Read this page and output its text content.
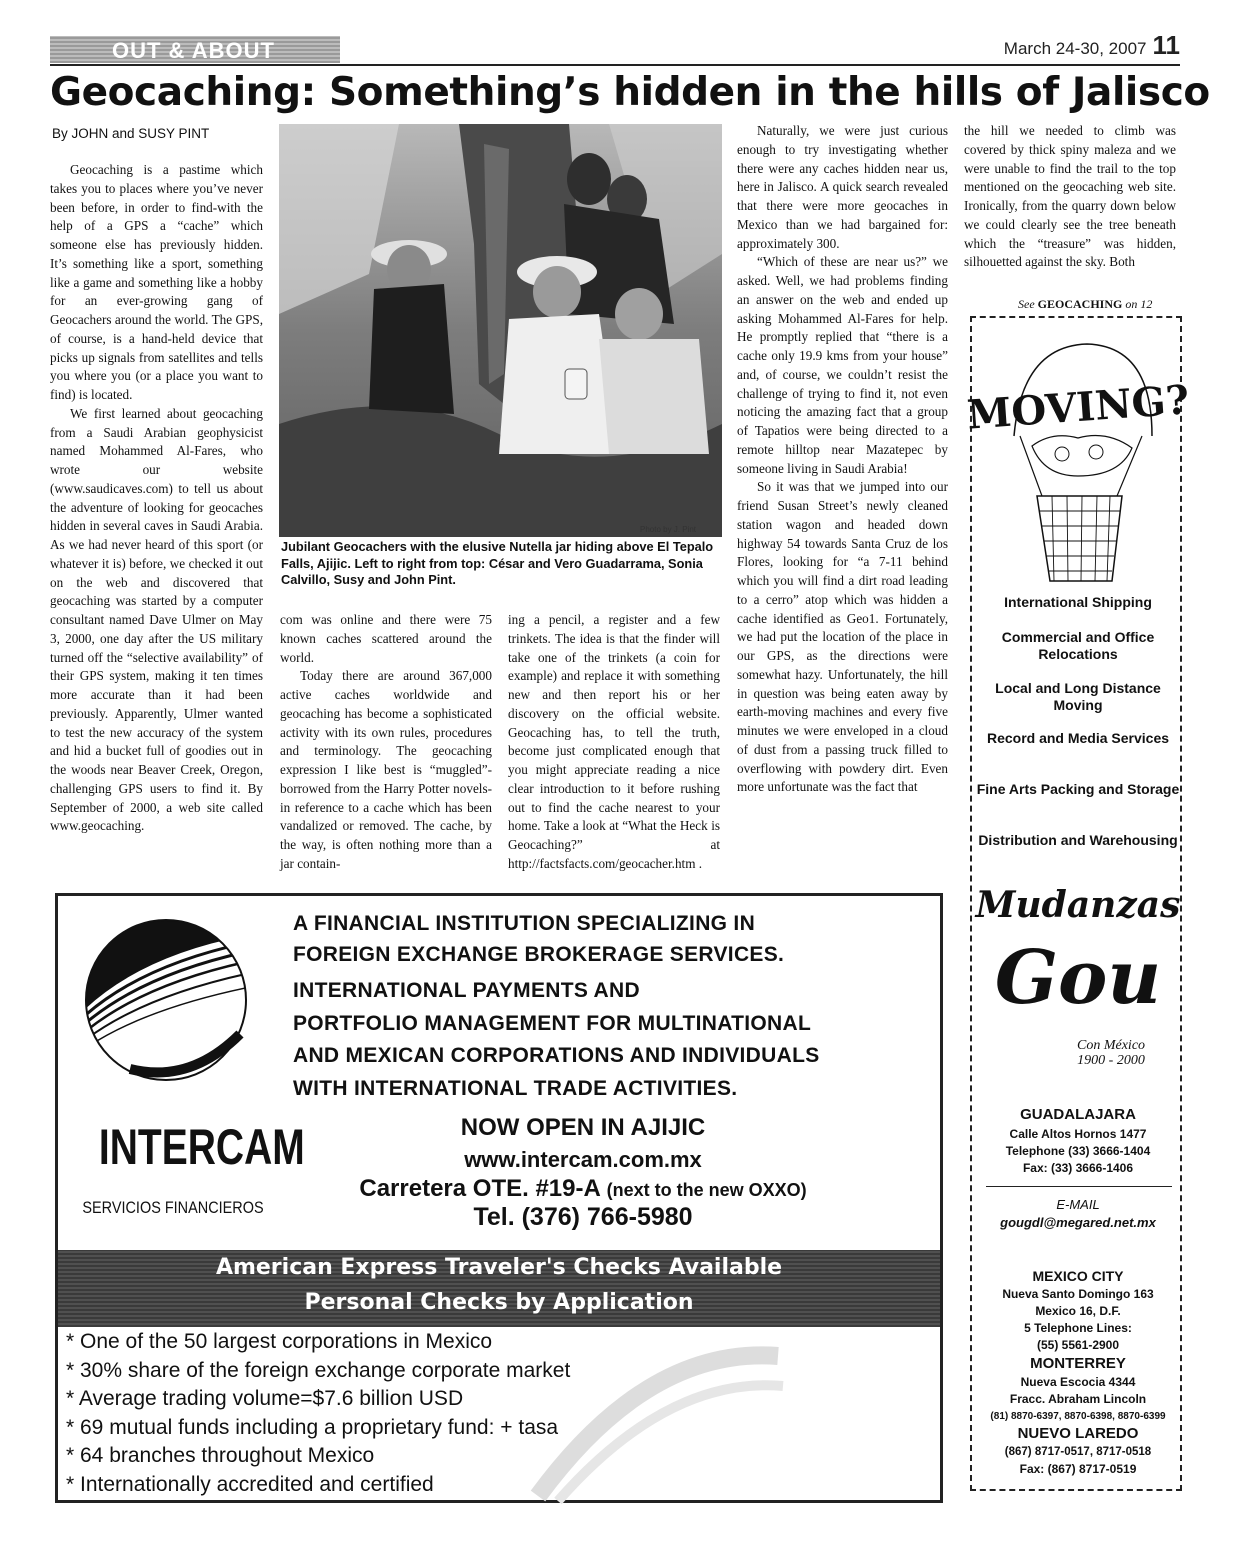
OUT & ABOUT	March 24-30, 2007 11
Geocaching: Something’s hidden in the hills of Jalisco
By JOHN and SUSY PINT

Geocaching is a pastime which takes you to places where you’ve never been before, in order to find-with the help of a GPS a “cache” which someone else has previously hidden. It’s something like a sport, something like a game and something like a hobby for an ever-growing gang of Geocachers around the world. The GPS, of course, is a hand-held device that picks up signals from satellites and tells you where you (or a place you want to find) is located.

We first learned about geocaching from a Saudi Arabian geophysicist named Mohammed Al-Fares, who wrote our website (www.saudicaves.com) to tell us about the adventure of looking for geocaches hidden in several caves in Saudi Arabia. As we had never heard of this sport (or whatever it is) before, we checked it out on the web and discovered that geocaching was started by a computer consultant named Dave Ulmer on May 3, 2000, one day after the US military turned off the “selective availability” of their GPS system, making it ten times more accurate than it had been previously. Apparently, Ulmer wanted to test the new accuracy of the system and hid a bucket full of goodies out in the woods near Beaver Creek, Oregon, challenging GPS users to find it. By September of 2000, a web site called www.geocaching.

Photo by J. Pint
Jubilant Geocachers with the elusive Nutella jar hiding above El Tepalo Falls, Ajijic. Left to right from top: César and Vero Guadarrama, Sonia Calvillo, Susy and John Pint.

com was online and there were 75 known caches scattered around the world.

Today there are around 367,000 active caches worldwide and geocaching has become a sophisticated activity with its own rules, procedures and terminology. The geocaching expression I like best is “muggled”-borrowed from the Harry Potter novels-in reference to a cache which has been vandalized or removed. The cache, by the way, is often nothing more than a jar contain-

ing a pencil, a register and a few trinkets. The idea is that the finder will take one of the trinkets (a coin for example) and replace it with something new and then report his or her discovery on the official website. Geocaching has, to tell the truth, become just complicated enough that you might appreciate reading a nice clear introduction to it before rushing out to find the cache nearest to your home. Take a look at “What the Heck is Geocaching?” at http://factsfacts.com/geocacher.htm .

Naturally, we were just curious enough to try investigating whether there were any caches hidden near us, here in Jalisco. A quick search revealed that there were more geocaches in Mexico than we had bargained for: approximately 300.

“Which of these are near us?” we asked. Well, we had problems finding an answer on the web and ended up asking Mohammed Al-Fares for help. He promptly replied that “there is a cache only 19.9 kms from your house” and, of course, we couldn’t resist the challenge of trying to find it, not even noticing the amazing fact that a group of Tapatios were being directed to a remote hilltop near Mazatepec by someone living in Saudi Arabia!

So it was that we jumped into our friend Susan Street’s newly cleaned station wagon and headed down highway 54 towards Santa Cruz de los Flores, looking for “a 7-11 behind which you will find a dirt road leading to a cerro” atop which was hidden a cache identified as Geo1. Fortunately, we had put the location of the place in our GPS, as the directions were somewhat hazy. Unfortunately, the hill in question was being eaten away by earth-moving machines and every five minutes we were enveloped in a cloud of dust from a passing truck filled to overflowing with powdery dirt. Even more unfortunate was the fact that

the hill we needed to climb was covered by thick spiny maleza and we were unable to find the trail to the top mentioned on the geocaching web site. Ironically, from the quarry down below we could clearly see the tree beneath which the “treasure” was hidden, silhouetted against the sky. Both

See GEOCACHING on 12
MOVING?
International Shipping
Commercial and Office Relocations
Local and Long Distance Moving
Record and Media Services
Fine Arts Packing and Storage
Distribution and Warehousing
Mudanzas
Gou
Con México
1900 - 2000
GUADALAJARA
Calle Altos Hornos 1477
Telephone (33) 3666-1404
Fax: (33) 3666-1406
E-MAIL
gougdl@megared.net.mx
MEXICO CITY
Nueva Santo Domingo 163
Mexico 16, D.F.
5 Telephone Lines:
(55) 5561-2900
MONTERREY
Nueva Escocia 4344
Fracc. Abraham Lincoln
(81) 8870-6397, 8870-6398, 8870-6399
NUEVO LAREDO
(867) 8717-0517, 8717-0518
Fax: (867) 8717-0519
INTERCAM
SERVICIOS FINANCIEROS
A FINANCIAL INSTITUTION SPECIALIZING IN
FOREIGN EXCHANGE BROKERAGE SERVICES.
INTERNATIONAL PAYMENTS AND
PORTFOLIO MANAGEMENT FOR MULTINATIONAL
AND MEXICAN CORPORATIONS AND INDIVIDUALS
WITH INTERNATIONAL TRADE ACTIVITIES.
NOW OPEN IN AJIJIC
www.intercam.com.mx
Carretera OTE. #19-A (next to the new OXXO)
Tel. (376) 766-5980
American Express Traveler's Checks Available
Personal Checks by Application
* One of the 50 largest corporations in Mexico
* 30% share of the foreign exchange corporate market
* Average trading volume=$7.6 billion USD
* 69 mutual funds including a proprietary fund: + tasa
* 64 branches throughout Mexico
* Internationally accredited and certified
